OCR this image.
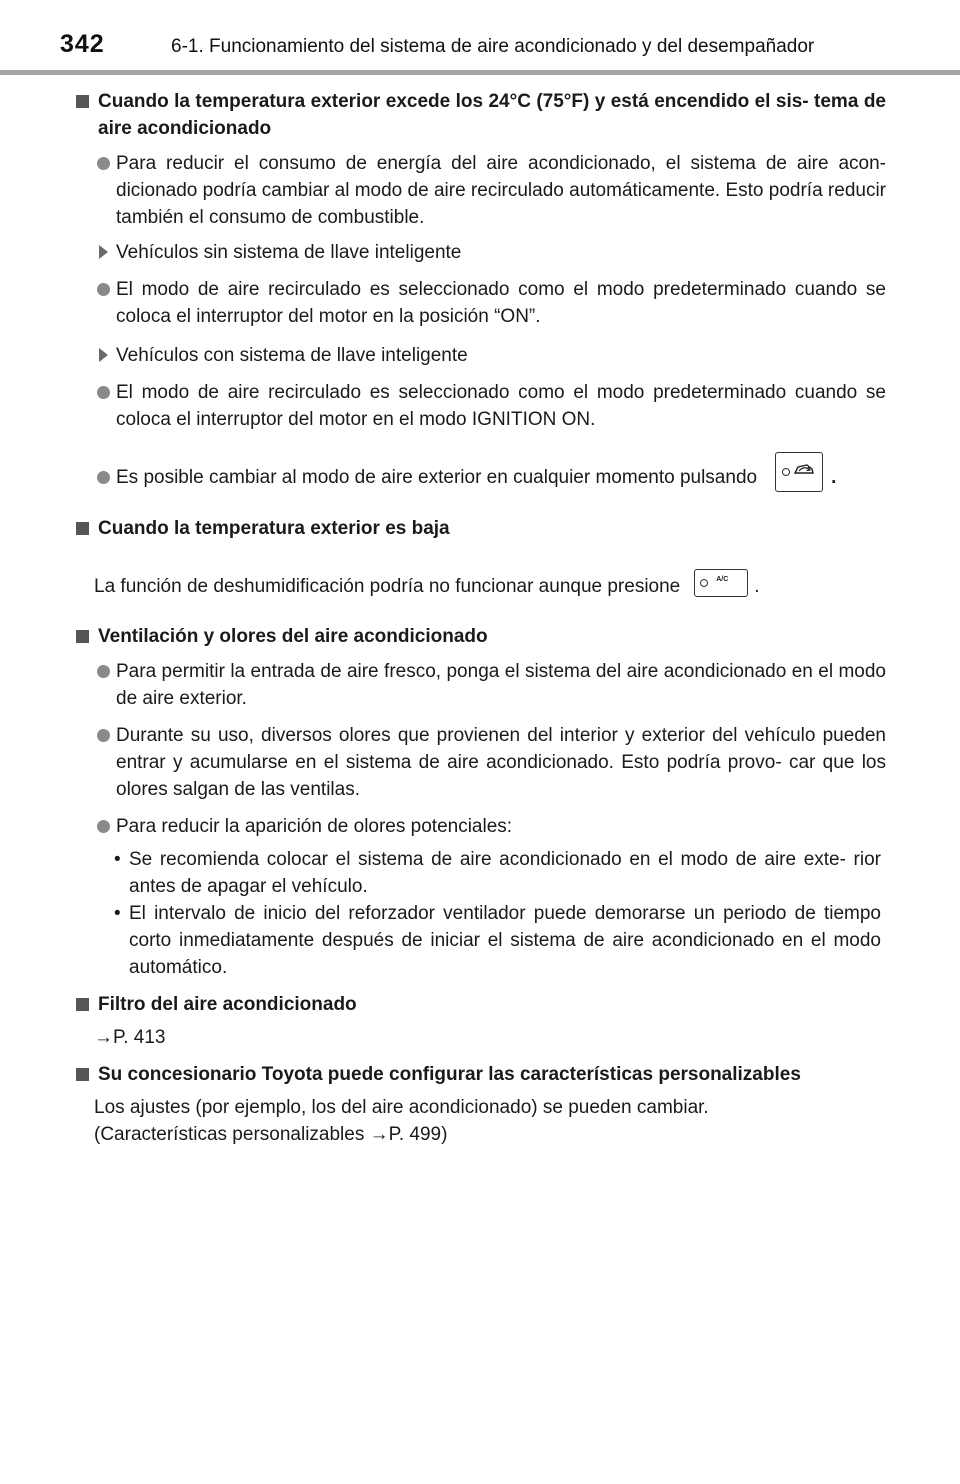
342	6-1. Funcionamiento del sistema de aire acondicionado y del desempañador
Cuando la temperatura exterior excede los 24°C (75°F) y está encendido el sis- tema de aire acondicionado
Para reducir el consumo de energía del aire acondicionado, el sistema de aire acon- dicionado podría cambiar al modo de aire recirculado automáticamente. Esto podría reducir también el consumo de combustible.
Vehículos sin sistema de llave inteligente
El modo de aire recirculado es seleccionado como el modo predeterminado cuando se coloca el interruptor del motor en la posición “ON”.
Vehículos con sistema de llave inteligente
El modo de aire recirculado es seleccionado como el modo predeterminado cuando se coloca el interruptor del motor en el modo IGNITION ON.
Es posible cambiar al modo de aire exterior en cualquier momento pulsando	.
Cuando la temperatura exterior es baja
La función de deshumidificación podría no funcionar aunque presione	A/C .
Ventilación y olores del aire acondicionado
Para permitir la entrada de aire fresco, ponga el sistema del aire acondicionado en el modo de aire exterior.
Durante su uso, diversos olores que provienen del interior y exterior del vehículo pueden entrar y acumularse en el sistema de aire acondicionado. Esto podría provo- car que los olores salgan de las ventilas.
Para reducir la aparición de olores potenciales:
• Se recomienda colocar el sistema de aire acondicionado en el modo de aire exte- rior antes de apagar el vehículo.
• El intervalo de inicio del reforzador ventilador puede demorarse un periodo de tiempo corto inmediatamente después de iniciar el sistema de aire acondicionado en el modo automático.
Filtro del aire acondicionado
→P. 413
Su concesionario Toyota puede configurar las características personalizables
Los ajustes (por ejemplo, los del aire acondicionado) se pueden cambiar.
(Características personalizables →P. 499)
